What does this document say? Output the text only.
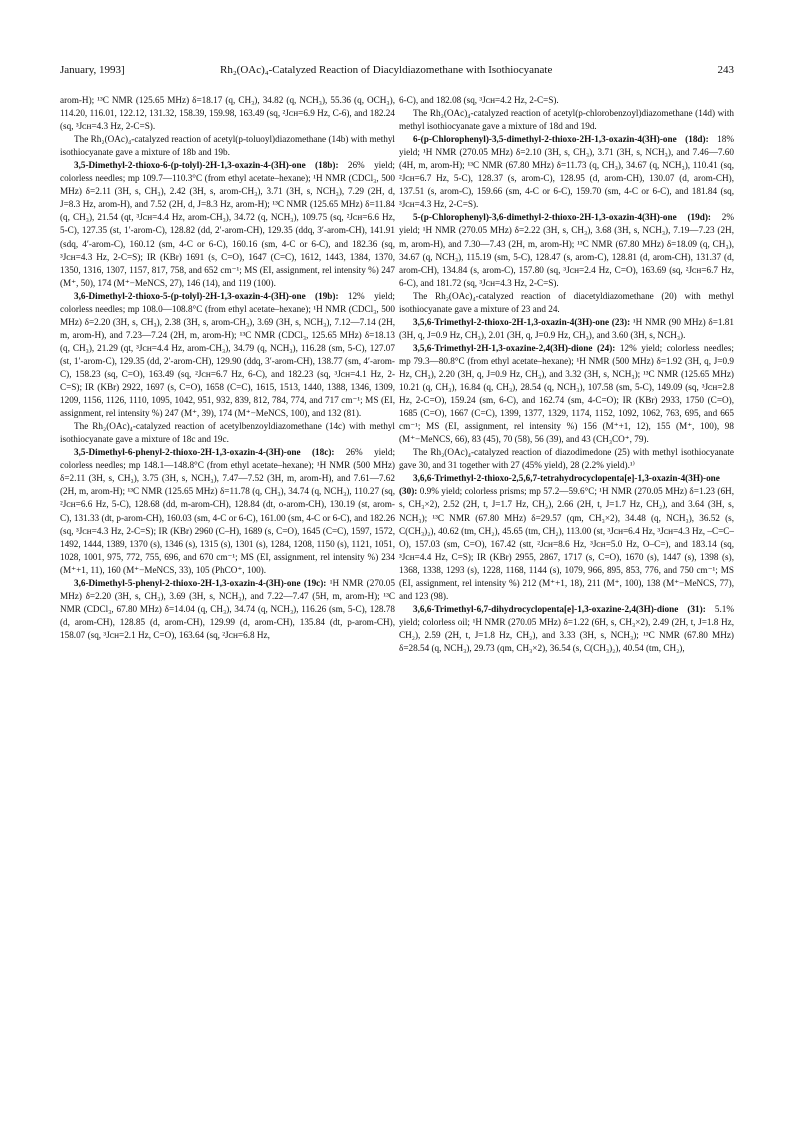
January, 1993]	Rh₂(OAc)₄-Catalyzed Reaction of Diacyldiazomethane with Isothiocyanate	243

arom-H); ¹³C NMR (125.65 MHz) δ=18.17 (q, CH₃), 34.82 (q, NCH₃), 55.36 (q, OCH₃), 114.20, 116.01, 122.12, 131.32, 158.39, 159.98, 163.49 (sq, ²Jᴄʜ=6.9 Hz, C-6), and 182.24 (sq, ³Jᴄʜ=4.3 Hz, 2-C=S).

The Rh₂(OAc)₄-catalyzed reaction of acetyl(p-toluoyl)diazomethane (14b) with methyl isothiocyanate gave a mixture of 18b and 19b.

3,5-Dimethyl-2-thioxo-6-(p-tolyl)-2H-1,3-oxazin-4-(3H)-one (18b): 26% yield; colorless needles; mp 109.7—110.3°C (from ethyl acetate–hexane); ¹H NMR (CDCl₃, 500 MHz) δ=2.11 (3H, s, CH₃), 2.42 (3H, s, arom-CH₃), 3.71 (3H, s, NCH₃), 7.29 (2H, d, J=8.3 Hz, arom-H), and 7.52 (2H, d, J=8.3 Hz, arom-H); ¹³C NMR (125.65 MHz) δ=11.84 (q, CH₃), 21.54 (qt, ³Jᴄʜ=4.4 Hz, arom-CH₃), 34.72 (q, NCH₃), 109.75 (sq, ²Jᴄʜ=6.6 Hz, 5-C), 127.35 (st, 1′-arom-C), 128.82 (dd, 2′-arom-CH), 129.35 (ddq, 3′-arom-CH), 141.91 (sdq, 4′-arom-C), 160.12 (sm, 4-C or 6-C), 160.16 (sm, 4-C or 6-C), and 182.36 (sq, ³Jᴄʜ=4.3 Hz, 2-C=S); IR (KBr) 1691 (s, C=O), 1647 (C=C), 1612, 1443, 1384, 1370, 1350, 1316, 1307, 1157, 817, 758, and 652 cm⁻¹; MS (EI, assignment, rel intensity %) 247 (M⁺, 50), 174 (M⁺−MeNCS, 27), 146 (14), and 119 (100).

3,6-Dimethyl-2-thioxo-5-(p-tolyl)-2H-1,3-oxazin-4-(3H)-one (19b): 12% yield; colorless needles; mp 108.0—108.8°C (from ethyl acetate–hexane); ¹H NMR (CDCl₃, 500 MHz) δ=2.20 (3H, s, CH₃), 2.38 (3H, s, arom-CH₃), 3.69 (3H, s, NCH₃), 7.12—7.14 (2H, m, arom-H), and 7.23—7.24 (2H, m, arom-H); ¹³C NMR (CDCl₃, 125.65 MHz) δ=18.13 (q, CH₃), 21.29 (qt, ³Jᴄʜ=4.4 Hz, arom-CH₃), 34.79 (q, NCH₃), 116.28 (sm, 5-C), 127.07 (st, 1′-arom-C), 129.35 (dd, 2′-arom-CH), 129.90 (ddq, 3′-arom-CH), 138.77 (sm, 4′-arom-C), 158.23 (sq, C=O), 163.49 (sq, ²Jᴄʜ=6.7 Hz, 6-C), and 182.23 (sq, ³Jᴄʜ=4.1 Hz, 2-C=S); IR (KBr) 2922, 1697 (s, C=O), 1658 (C=C), 1615, 1513, 1440, 1388, 1346, 1309, 1209, 1156, 1126, 1110, 1095, 1042, 951, 932, 839, 812, 784, 774, and 717 cm⁻¹; MS (EI, assignment, rel intensity %) 247 (M⁺, 39), 174 (M⁺−MeNCS, 100), and 132 (81).

The Rh₂(OAc)₄-catalyzed reaction of acetylbenzoyldiazomethane (14c) with methyl isothiocyanate gave a mixture of 18c and 19c.

3,5-Dimethyl-6-phenyl-2-thioxo-2H-1,3-oxazin-4-(3H)-one (18c): 26% yield; colorless needles; mp 148.1—148.8°C (from ethyl acetate–hexane); ¹H NMR (500 MHz) δ=2.11 (3H, s, CH₃), 3.75 (3H, s, NCH₃), 7.47—7.52 (3H, m, arom-H), and 7.61—7.62 (2H, m, arom-H); ¹³C NMR (125.65 MHz) δ=11.78 (q, CH₃), 34.74 (q, NCH₃), 110.27 (sq, ²Jᴄʜ=6.6 Hz, 5-C), 128.68 (dd, m-arom-CH), 128.84 (dt, o-arom-CH), 130.19 (st, arom-C), 131.33 (dt, p-arom-CH), 160.03 (sm, 4-C or 6-C), 161.00 (sm, 4-C or 6-C), and 182.26 (sq, ³Jᴄʜ=4.3 Hz, 2-C=S); IR (KBr) 2960 (C–H), 1689 (s, C=O), 1645 (C=C), 1597, 1572, 1492, 1444, 1389, 1370 (s), 1346 (s), 1315 (s), 1301 (s), 1284, 1208, 1150 (s), 1121, 1051, 1028, 1001, 975, 772, 755, 696, and 670 cm⁻¹; MS (EI, assignment, rel intensity %) 234 (M⁺+1, 11), 160 (M⁺−MeNCS, 33), 105 (PhCO⁺, 100).

3,6-Dimethyl-5-phenyl-2-thioxo-2H-1,3-oxazin-4-(3H)-one (19c): ¹H NMR (270.05 MHz) δ=2.20 (3H, s, CH₃), 3.69 (3H, s, NCH₃), and 7.22—7.47 (5H, m, arom-H); ¹³C NMR (CDCl₃, 67.80 MHz) δ=14.04 (q, CH₃), 34.74 (q, NCH₃), 116.26 (sm, 5-C), 128.78 (d, arom-CH), 128.85 (d, arom-CH), 129.99 (d, arom-CH), 135.84 (dt, p-arom-CH), 158.07 (sq, ³Jᴄʜ=2.1 Hz, C=O), 163.64 (sq, ²Jᴄʜ=6.8 Hz,

6-C), and 182.08 (sq, ³Jᴄʜ=4.2 Hz, 2-C=S).

The Rh₂(OAc)₄-catalyzed reaction of acetyl(p-chlorobenzoyl)diazomethane (14d) with methyl isothiocyanate gave a mixture of 18d and 19d.

6-(p-Chlorophenyl)-3,5-dimethyl-2-thioxo-2H-1,3-oxazin-4(3H)-one (18d): 18% yield; ¹H NMR (270.05 MHz) δ=2.10 (3H, s, CH₃), 3.71 (3H, s, NCH₃), and 7.46—7.60 (4H, m, arom-H); ¹³C NMR (67.80 MHz) δ=11.73 (q, CH₃), 34.67 (q, NCH₃), 110.41 (sq, ²Jᴄʜ=6.7 Hz, 5-C), 128.37 (s, arom-C), 128.95 (d, arom-CH), 130.07 (d, arom-CH), 137.51 (s, arom-C), 159.66 (sm, 4-C or 6-C), 159.70 (sm, 4-C or 6-C), and 181.84 (sq, ³Jᴄʜ=4.3 Hz, 2-C=S).

5-(p-Chlorophenyl)-3,6-dimethyl-2-thioxo-2H-1,3-oxazin-4(3H)-one (19d): 2% yield; ¹H NMR (270.05 MHz) δ=2.22 (3H, s, CH₃), 3.68 (3H, s, NCH₃), 7.19—7.23 (2H, m, arom-H), and 7.30—7.43 (2H, m, arom-H); ¹³C NMR (67.80 MHz) δ=18.09 (q, CH₃), 34.67 (q, NCH₃), 115.19 (sm, 5-C), 128.47 (s, arom-C), 128.81 (d, arom-CH), 131.37 (d, arom-CH), 134.84 (s, arom-C), 157.80 (sq, ³Jᴄʜ=2.4 Hz, C=O), 163.69 (sq, ²Jᴄʜ=6.7 Hz, 6-C), and 181.72 (sq, ³Jᴄʜ=4.3 Hz, 2-C=S).

The Rh₂(OAc)₄-catalyzed reaction of diacetyldiazomethane (20) with methyl isothiocyanate gave a mixture of 23 and 24.

3,5,6-Trimethyl-2-thioxo-2H-1,3-oxazin-4(3H)-one (23): ¹H NMR (90 MHz) δ=1.81 (3H, q, J=0.9 Hz, CH₃), 2.01 (3H, q, J=0.9 Hz, CH₃), and 3.60 (3H, s, NCH₃).

3,5,6-Trimethyl-2H-1,3-oxazine-2,4(3H)-dione (24): 12% yield; colorless needles; mp 79.3—80.8°C (from ethyl acetate–hexane); ¹H NMR (500 MHz) δ=1.92 (3H, q, J=0.9 Hz, CH₃), 2.20 (3H, q, J=0.9 Hz, CH₃), and 3.32 (3H, s, NCH₃); ¹³C NMR (125.65 MHz) 10.21 (q, CH₃), 16.84 (q, CH₃), 28.54 (q, NCH₃), 107.58 (sm, 5-C), 149.09 (sq, ³Jᴄʜ=2.8 Hz, 2-C=O), 159.24 (sm, 6-C), and 162.74 (sm, 4-C=O); IR (KBr) 2933, 1750 (C=O), 1685 (C=O), 1667 (C=C), 1399, 1377, 1329, 1174, 1152, 1092, 1062, 763, 695, and 665 cm⁻¹; MS (EI, assignment, rel intensity %) 156 (M⁺+1, 12), 155 (M⁺, 100), 98 (M⁺−MeNCS, 66), 83 (45), 70 (58), 56 (39), and 43 (CH₃CO⁺, 79).

The Rh₂(OAc)₄-catalyzed reaction of diazodimedone (25) with methyl isothiocyanate gave 30, and 31 together with 27 (45% yield), 28 (2.2% yield).¹⁾

3,6,6-Trimethyl-2-thioxo-2,5,6,7-tetrahydrocyclopenta[e]-1,3-oxazin-4(3H)-one (30): 0.9% yield; colorless prisms; mp 57.2—59.6°C; ¹H NMR (270.05 MHz) δ=1.23 (6H, s, CH₃×2), 2.52 (2H, t, J=1.7 Hz, CH₂), 2.66 (2H, t, J=1.7 Hz, CH₂), and 3.64 (3H, s, NCH₃); ¹³C NMR (67.80 MHz) δ=29.57 (qm, CH₃×2), 34.48 (q, NCH₃), 36.52 (s, C(CH₃)₂), 40.62 (tm, CH₂), 45.65 (tm, CH₂), 113.00 (st, ³Jᴄʜ=6.4 Hz, ³Jᴄʜ=4.3 Hz, –C=C–O), 157.03 (sm, C=O), 167.42 (stt, ²Jᴄʜ=8.6 Hz, ³Jᴄʜ=5.0 Hz, O–C=), and 183.14 (sq, ³Jᴄʜ=4.4 Hz, C=S); IR (KBr) 2955, 2867, 1717 (s, C=O), 1670 (s), 1447 (s), 1398 (s), 1368, 1338, 1293 (s), 1228, 1168, 1144 (s), 1079, 966, 895, 853, 776, and 750 cm⁻¹; MS (EI, assignment, rel intensity %) 212 (M⁺+1, 18), 211 (M⁺, 100), 138 (M⁺−MeNCS, 77), and 123 (98).

3,6,6-Trimethyl-6,7-dihydrocyclopenta[e]-1,3-oxazine-2,4(3H)-dione (31): 5.1% yield; colorless oil; ¹H NMR (270.05 MHz) δ=1.22 (6H, s, CH₃×2), 2.49 (2H, t, J=1.8 Hz, CH₂), 2.59 (2H, t, J=1.8 Hz, CH₂), and 3.33 (3H, s, NCH₃); ¹³C NMR (67.80 MHz) δ=28.54 (q, NCH₃), 29.73 (qm, CH₃×2), 36.54 (s, C(CH₃)₂), 40.54 (tm, CH₂),
